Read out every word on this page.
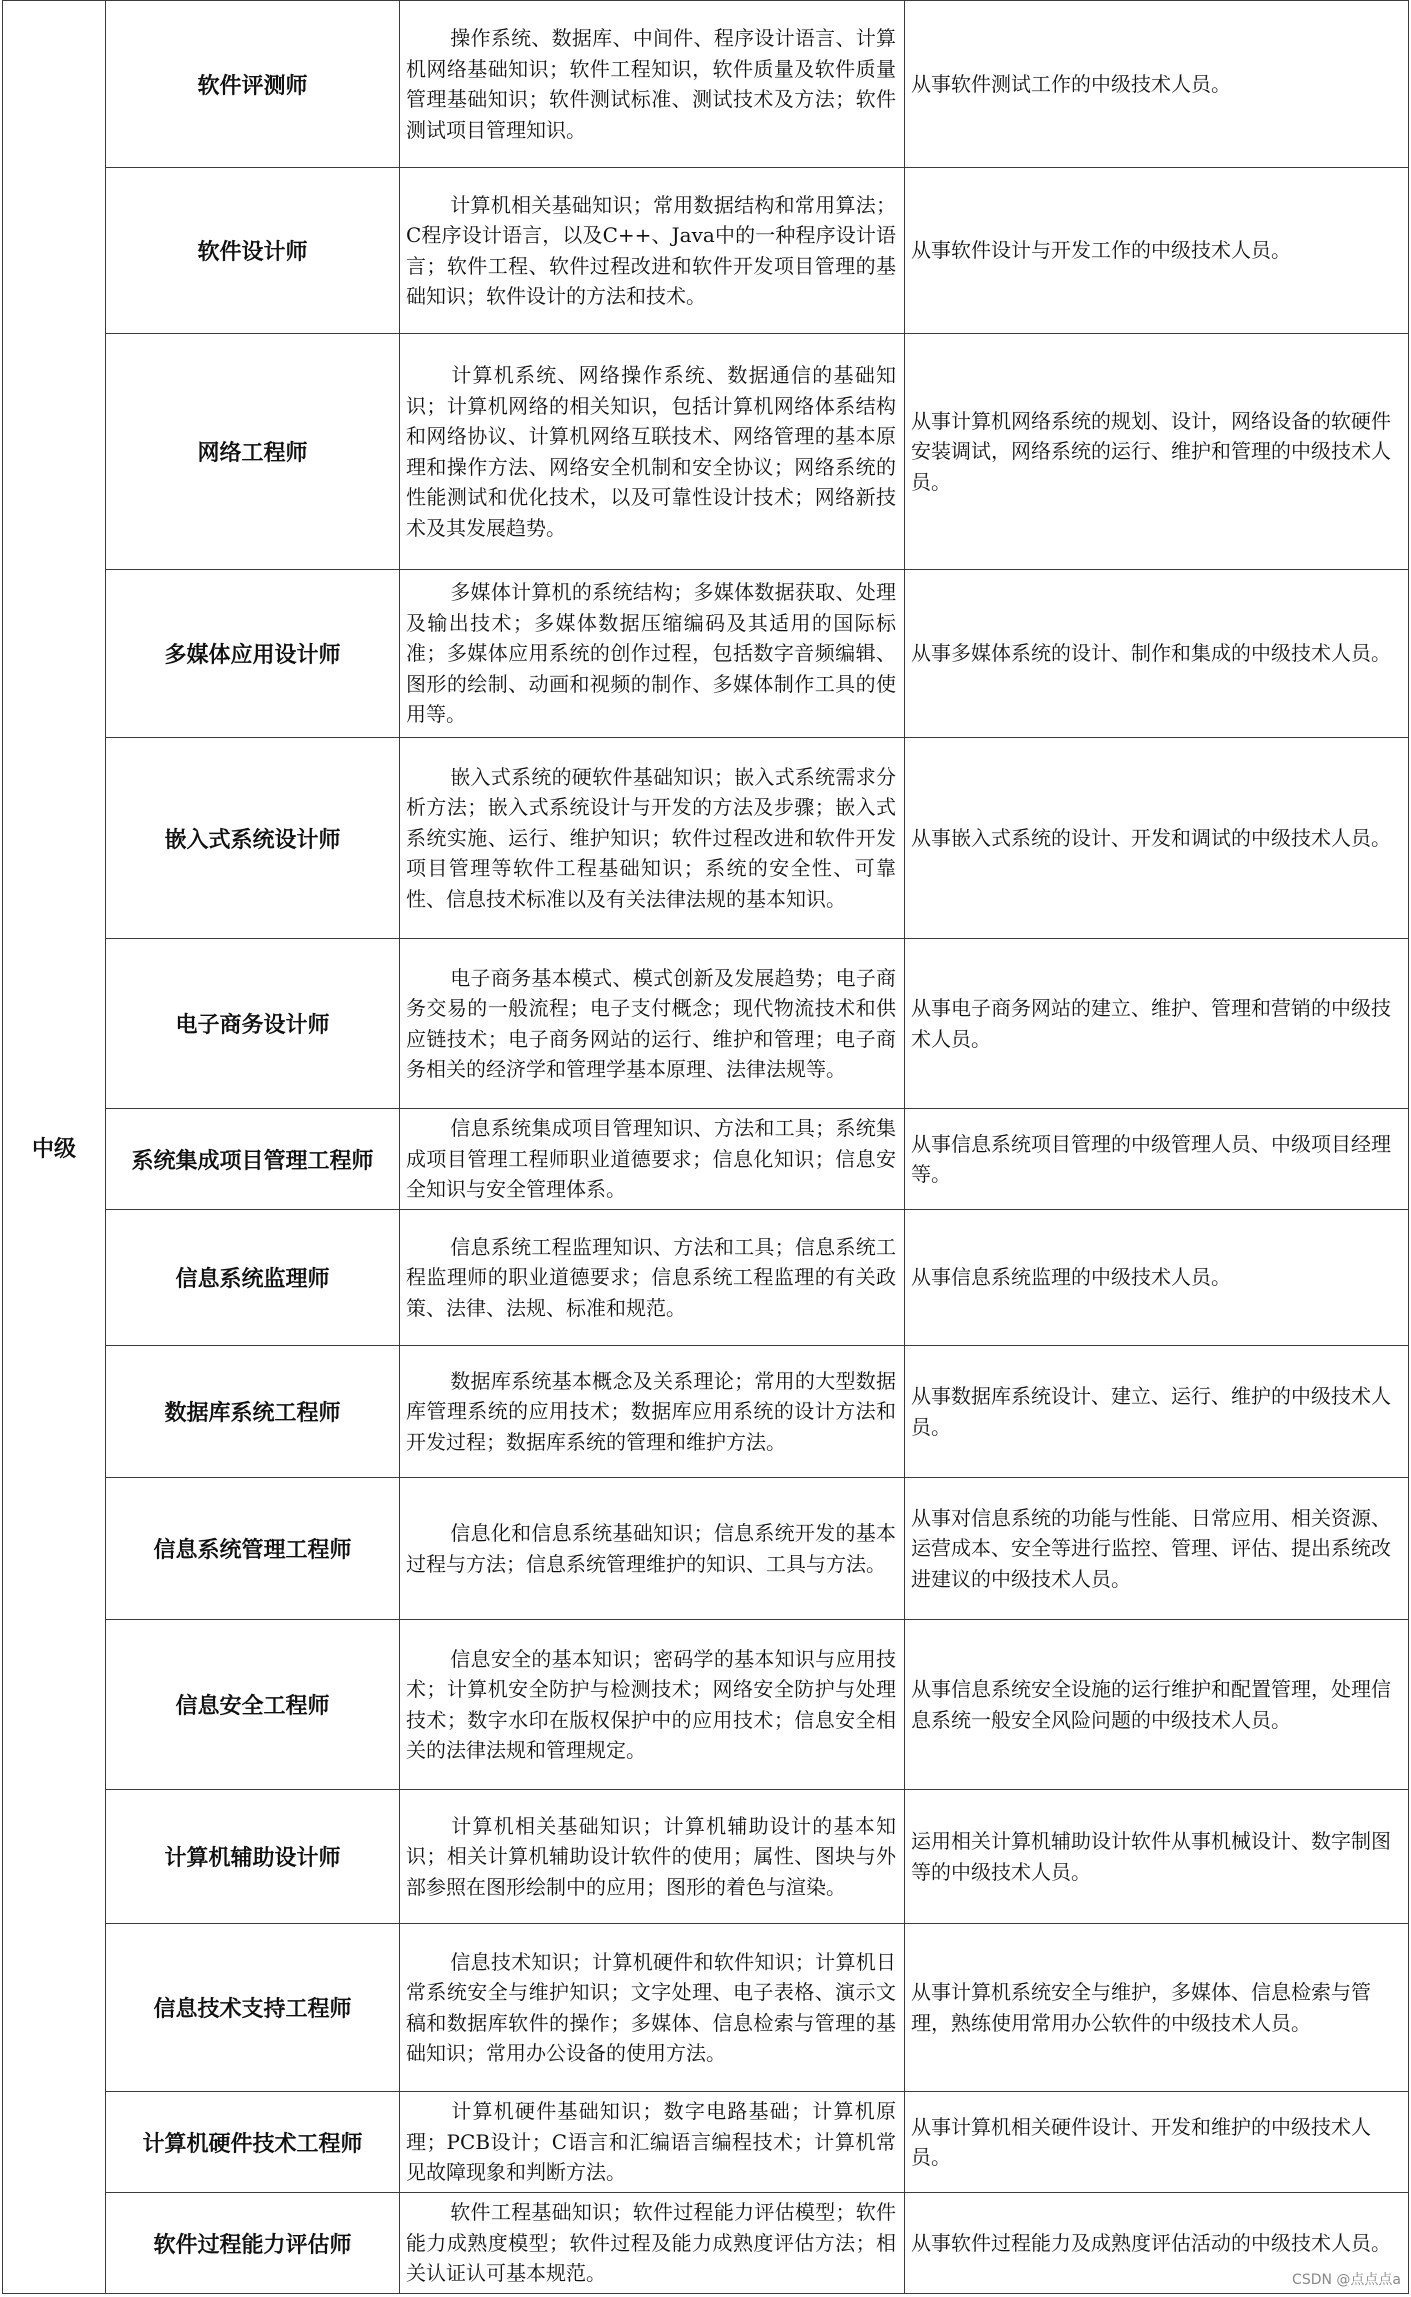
中级	软件评测师	操作系统、数据库、中间件、程序设计语言、计算机网络基础知识；软件工程知识，软件质量及软件质量管理基础知识；软件测试标准、测试技术及方法；软件测试项目管理知识。	从事软件测试工作的中级技术人员。
	软件设计师	计算机相关基础知识；常用数据结构和常用算法；C程序设计语言，以及C++、Java中的一种程序设计语言；软件工程、软件过程改进和软件开发项目管理的基础知识；软件设计的方法和技术。	从事软件设计与开发工作的中级技术人员。
	网络工程师	计算机系统、网络操作系统、数据通信的基础知识；计算机网络的相关知识，包括计算机网络体系结构和网络协议、计算机网络互联技术、网络管理的基本原理和操作方法、网络安全机制和安全协议；网络系统的性能测试和优化技术，以及可靠性设计技术；网络新技术及其发展趋势。	从事计算机网络系统的规划、设计，网络设备的软硬件安装调试，网络系统的运行、维护和管理的中级技术人员。
	多媒体应用设计师	多媒体计算机的系统结构；多媒体数据获取、处理及输出技术；多媒体数据压缩编码及其适用的国际标准；多媒体应用系统的创作过程，包括数字音频编辑、图形的绘制、动画和视频的制作、多媒体制作工具的使用等。	从事多媒体系统的设计、制作和集成的中级技术人员。
	嵌入式系统设计师	嵌入式系统的硬软件基础知识；嵌入式系统需求分析方法；嵌入式系统设计与开发的方法及步骤；嵌入式系统实施、运行、维护知识；软件过程改进和软件开发项目管理等软件工程基础知识；系统的安全性、可靠性、信息技术标准以及有关法律法规的基本知识。	从事嵌入式系统的设计、开发和调试的中级技术人员。
	电子商务设计师	电子商务基本模式、模式创新及发展趋势；电子商务交易的一般流程；电子支付概念；现代物流技术和供应链技术；电子商务网站的运行、维护和管理；电子商务相关的经济学和管理学基本原理、法律法规等。	从事电子商务网站的建立、维护、管理和营销的中级技术人员。
	系统集成项目管理工程师	信息系统集成项目管理知识、方法和工具；系统集成项目管理工程师职业道德要求；信息化知识；信息安全知识与安全管理体系。	从事信息系统项目管理的中级管理人员、中级项目经理等。
	信息系统监理师	信息系统工程监理知识、方法和工具；信息系统工程监理师的职业道德要求；信息系统工程监理的有关政策、法律、法规、标准和规范。	从事信息系统监理的中级技术人员。
	数据库系统工程师	数据库系统基本概念及关系理论；常用的大型数据库管理系统的应用技术；数据库应用系统的设计方法和开发过程；数据库系统的管理和维护方法。	从事数据库系统设计、建立、运行、维护的中级技术人员。
	信息系统管理工程师	信息化和信息系统基础知识；信息系统开发的基本过程与方法；信息系统管理维护的知识、工具与方法。	从事对信息系统的功能与性能、日常应用、相关资源、运营成本、安全等进行监控、管理、评估、提出系统改进建议的中级技术人员。
	信息安全工程师	信息安全的基本知识；密码学的基本知识与应用技术；计算机安全防护与检测技术；网络安全防护与处理技术；数字水印在版权保护中的应用技术；信息安全相关的法律法规和管理规定。	从事信息系统安全设施的运行维护和配置管理，处理信息系统一般安全风险问题的中级技术人员。
	计算机辅助设计师	计算机相关基础知识；计算机辅助设计的基本知识；相关计算机辅助设计软件的使用；属性、图块与外部参照在图形绘制中的应用；图形的着色与渲染。	运用相关计算机辅助设计软件从事机械设计、数字制图等的中级技术人员。
	信息技术支持工程师	信息技术知识；计算机硬件和软件知识；计算机日常系统安全与维护知识；文字处理、电子表格、演示文稿和数据库软件的操作；多媒体、信息检索与管理的基础知识；常用办公设备的使用方法。	从事计算机系统安全与维护，多媒体、信息检索与管理，熟练使用常用办公软件的中级技术人员。
	计算机硬件技术工程师	计算机硬件基础知识；数字电路基础；计算机原理；PCB设计；C语言和汇编语言编程技术；计算机常见故障现象和判断方法。	从事计算机相关硬件设计、开发和维护的中级技术人员。
	软件过程能力评估师	软件工程基础知识；软件过程能力评估模型；软件能力成熟度模型；软件过程及能力成熟度评估方法；相关认证认可基本规范。	从事软件过程能力及成熟度评估活动的中级技术人员。
CSDN @点点点a
